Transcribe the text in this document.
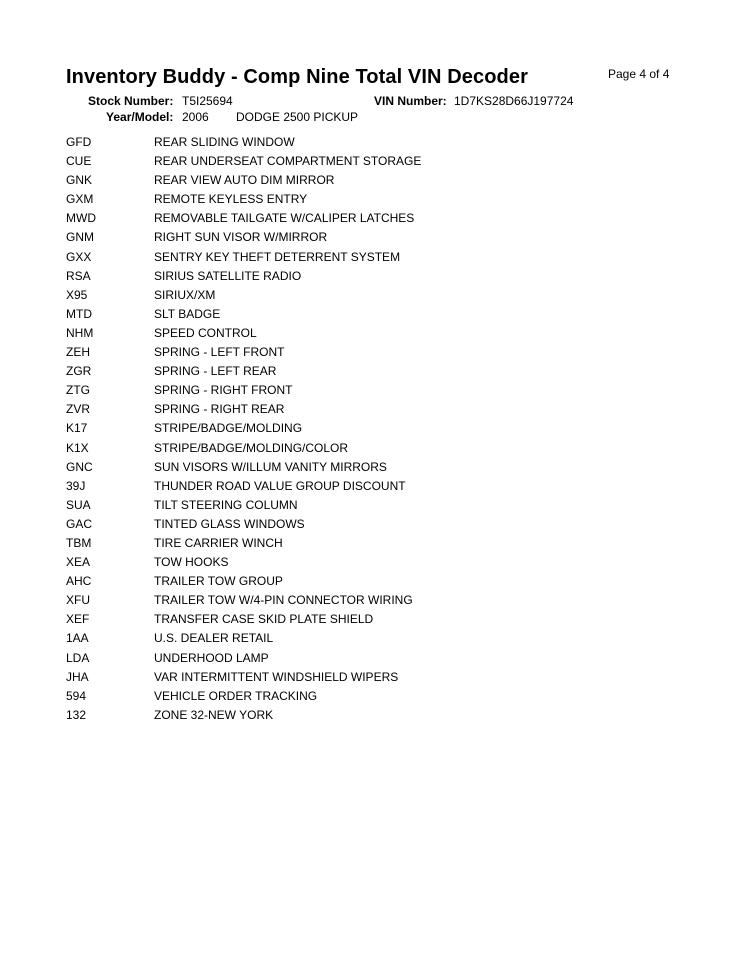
Inventory Buddy - Comp Nine Total VIN Decoder	Page 4 of 4
Stock Number: T5I25694	VIN Number: 1D7KS28D66J197724
Year/Model: 2006 DODGE 2500 PICKUP
GFD	REAR SLIDING WINDOW
CUE	REAR UNDERSEAT COMPARTMENT STORAGE
GNK	REAR VIEW AUTO DIM MIRROR
GXM	REMOTE KEYLESS ENTRY
MWD	REMOVABLE TAILGATE W/CALIPER LATCHES
GNM	RIGHT SUN VISOR W/MIRROR
GXX	SENTRY KEY THEFT DETERRENT SYSTEM
RSA	SIRIUS SATELLITE RADIO
X95	SIRIUX/XM
MTD	SLT BADGE
NHM	SPEED CONTROL
ZEH	SPRING - LEFT FRONT
ZGR	SPRING - LEFT REAR
ZTG	SPRING - RIGHT FRONT
ZVR	SPRING - RIGHT REAR
K17	STRIPE/BADGE/MOLDING
K1X	STRIPE/BADGE/MOLDING/COLOR
GNC	SUN VISORS W/ILLUM VANITY MIRRORS
39J	THUNDER ROAD VALUE GROUP DISCOUNT
SUA	TILT STEERING COLUMN
GAC	TINTED GLASS WINDOWS
TBM	TIRE CARRIER WINCH
XEA	TOW HOOKS
AHC	TRAILER TOW GROUP
XFU	TRAILER TOW W/4-PIN CONNECTOR WIRING
XEF	TRANSFER CASE SKID PLATE SHIELD
1AA	U.S. DEALER RETAIL
LDA	UNDERHOOD LAMP
JHA	VAR INTERMITTENT WINDSHIELD WIPERS
594	VEHICLE ORDER TRACKING
132	ZONE 32-NEW YORK
